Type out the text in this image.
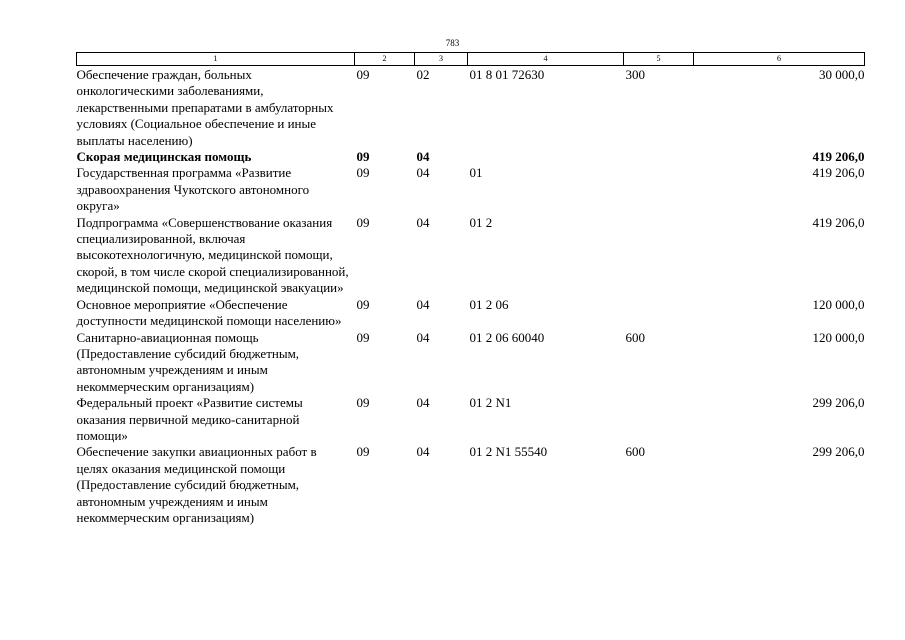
783
1	2	3	4	5	6
Обеспечение граждан, больных онкологическими заболеваниями, лекарственными препаратами в амбулаторных условиях (Социальное обеспечение и иные выплаты населению)	09	02	01 8 01 72630	300	30 000,0
Скорая медицинская помощь	09	04			419 206,0
Государственная программа «Развитие здравоохранения Чукотского автономного округа»	09	04	01		419 206,0
Подпрограмма «Совершенствование оказания специализированной, включая высокотехнологичную, медицинской помощи, скорой, в том числе скорой специализированной, медицинской помощи, медицинской эвакуации»	09	04	01 2		419 206,0
Основное мероприятие «Обеспечение доступности медицинской помощи населению»	09	04	01 2 06		120 000,0
Санитарно-авиационная помощь (Предоставление субсидий бюджетным, автономным учреждениям и иным некоммерческим организациям)	09	04	01 2 06 60040	600	120 000,0
Федеральный проект «Развитие системы оказания первичной медико-санитарной помощи»	09	04	01 2 N1		299 206,0
Обеспечение закупки авиационных работ в целях оказания медицинской помощи (Предоставление субсидий бюджетным, автономным учреждениям и иным некоммерческим организациям)	09	04	01 2 N1 55540	600	299 206,0
